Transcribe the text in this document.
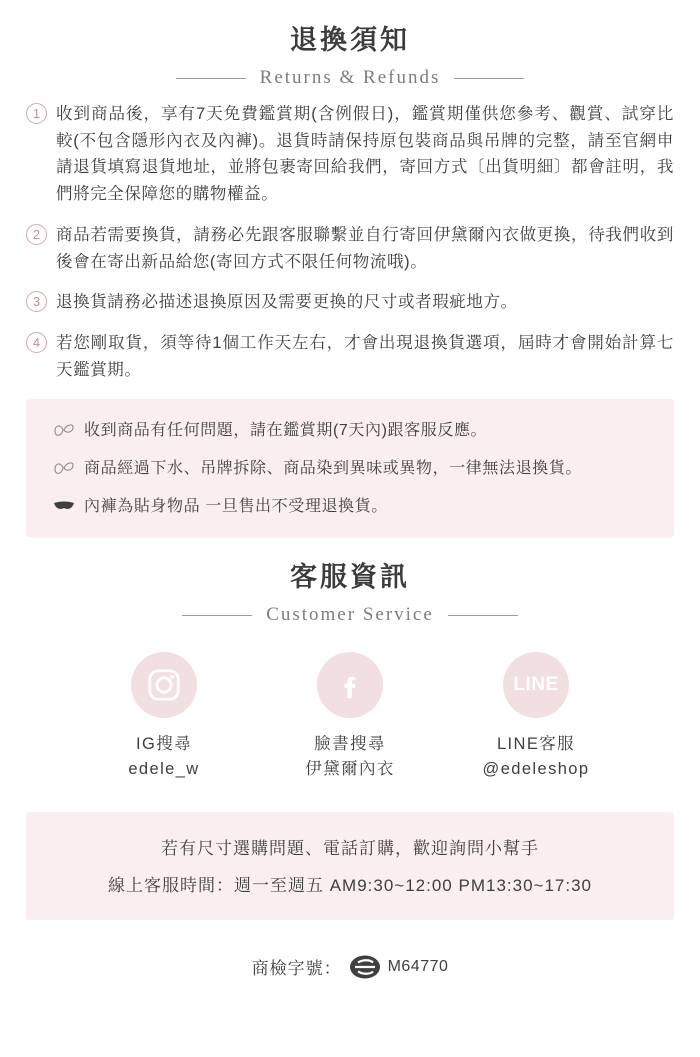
退換須知
Returns & Refunds
1 收到商品後，享有7天免費鑑賞期(含例假日)，鑑賞期僅供您參考、觀賞、試穿比較(不包含隱形內衣及內褲)。退貨時請保持原包裝商品與吊牌的完整，請至官網申請退貨填寫退貨地址，並將包裹寄回給我們，寄回方式〔出貨明細〕都會註明，我們將完全保障您的購物權益。
2 商品若需要換貨，請務必先跟客服聯繫並自行寄回伊黛爾內衣做更換，待我們收到後會在寄出新品給您(寄回方式不限任何物流哦)。
3 退換貨請務必描述退換原因及需要更換的尺寸或者瑕疵地方。
4 若您剛取貨，須等待1個工作天左右，才會出現退換貨選項，屆時才會開始計算七天鑑賞期。
收到商品有任何問題，請在鑑賞期(7天內)跟客服反應。
商品經過下水、吊牌拆除、商品染到異味或異物，一律無法退換貨。
內褲為貼身物品 一旦售出不受理退換貨。
客服資訊
Customer Service
IG搜尋
edele_w
臉書搜尋
伊黛爾內衣
LINE
LINE客服
@edeleshop
若有尺寸選購問題、電話訂購，歡迎詢問小幫手
線上客服時間：週一至週五 AM9:30~12:00 PM13:30~17:30
商檢字號：	M64770
